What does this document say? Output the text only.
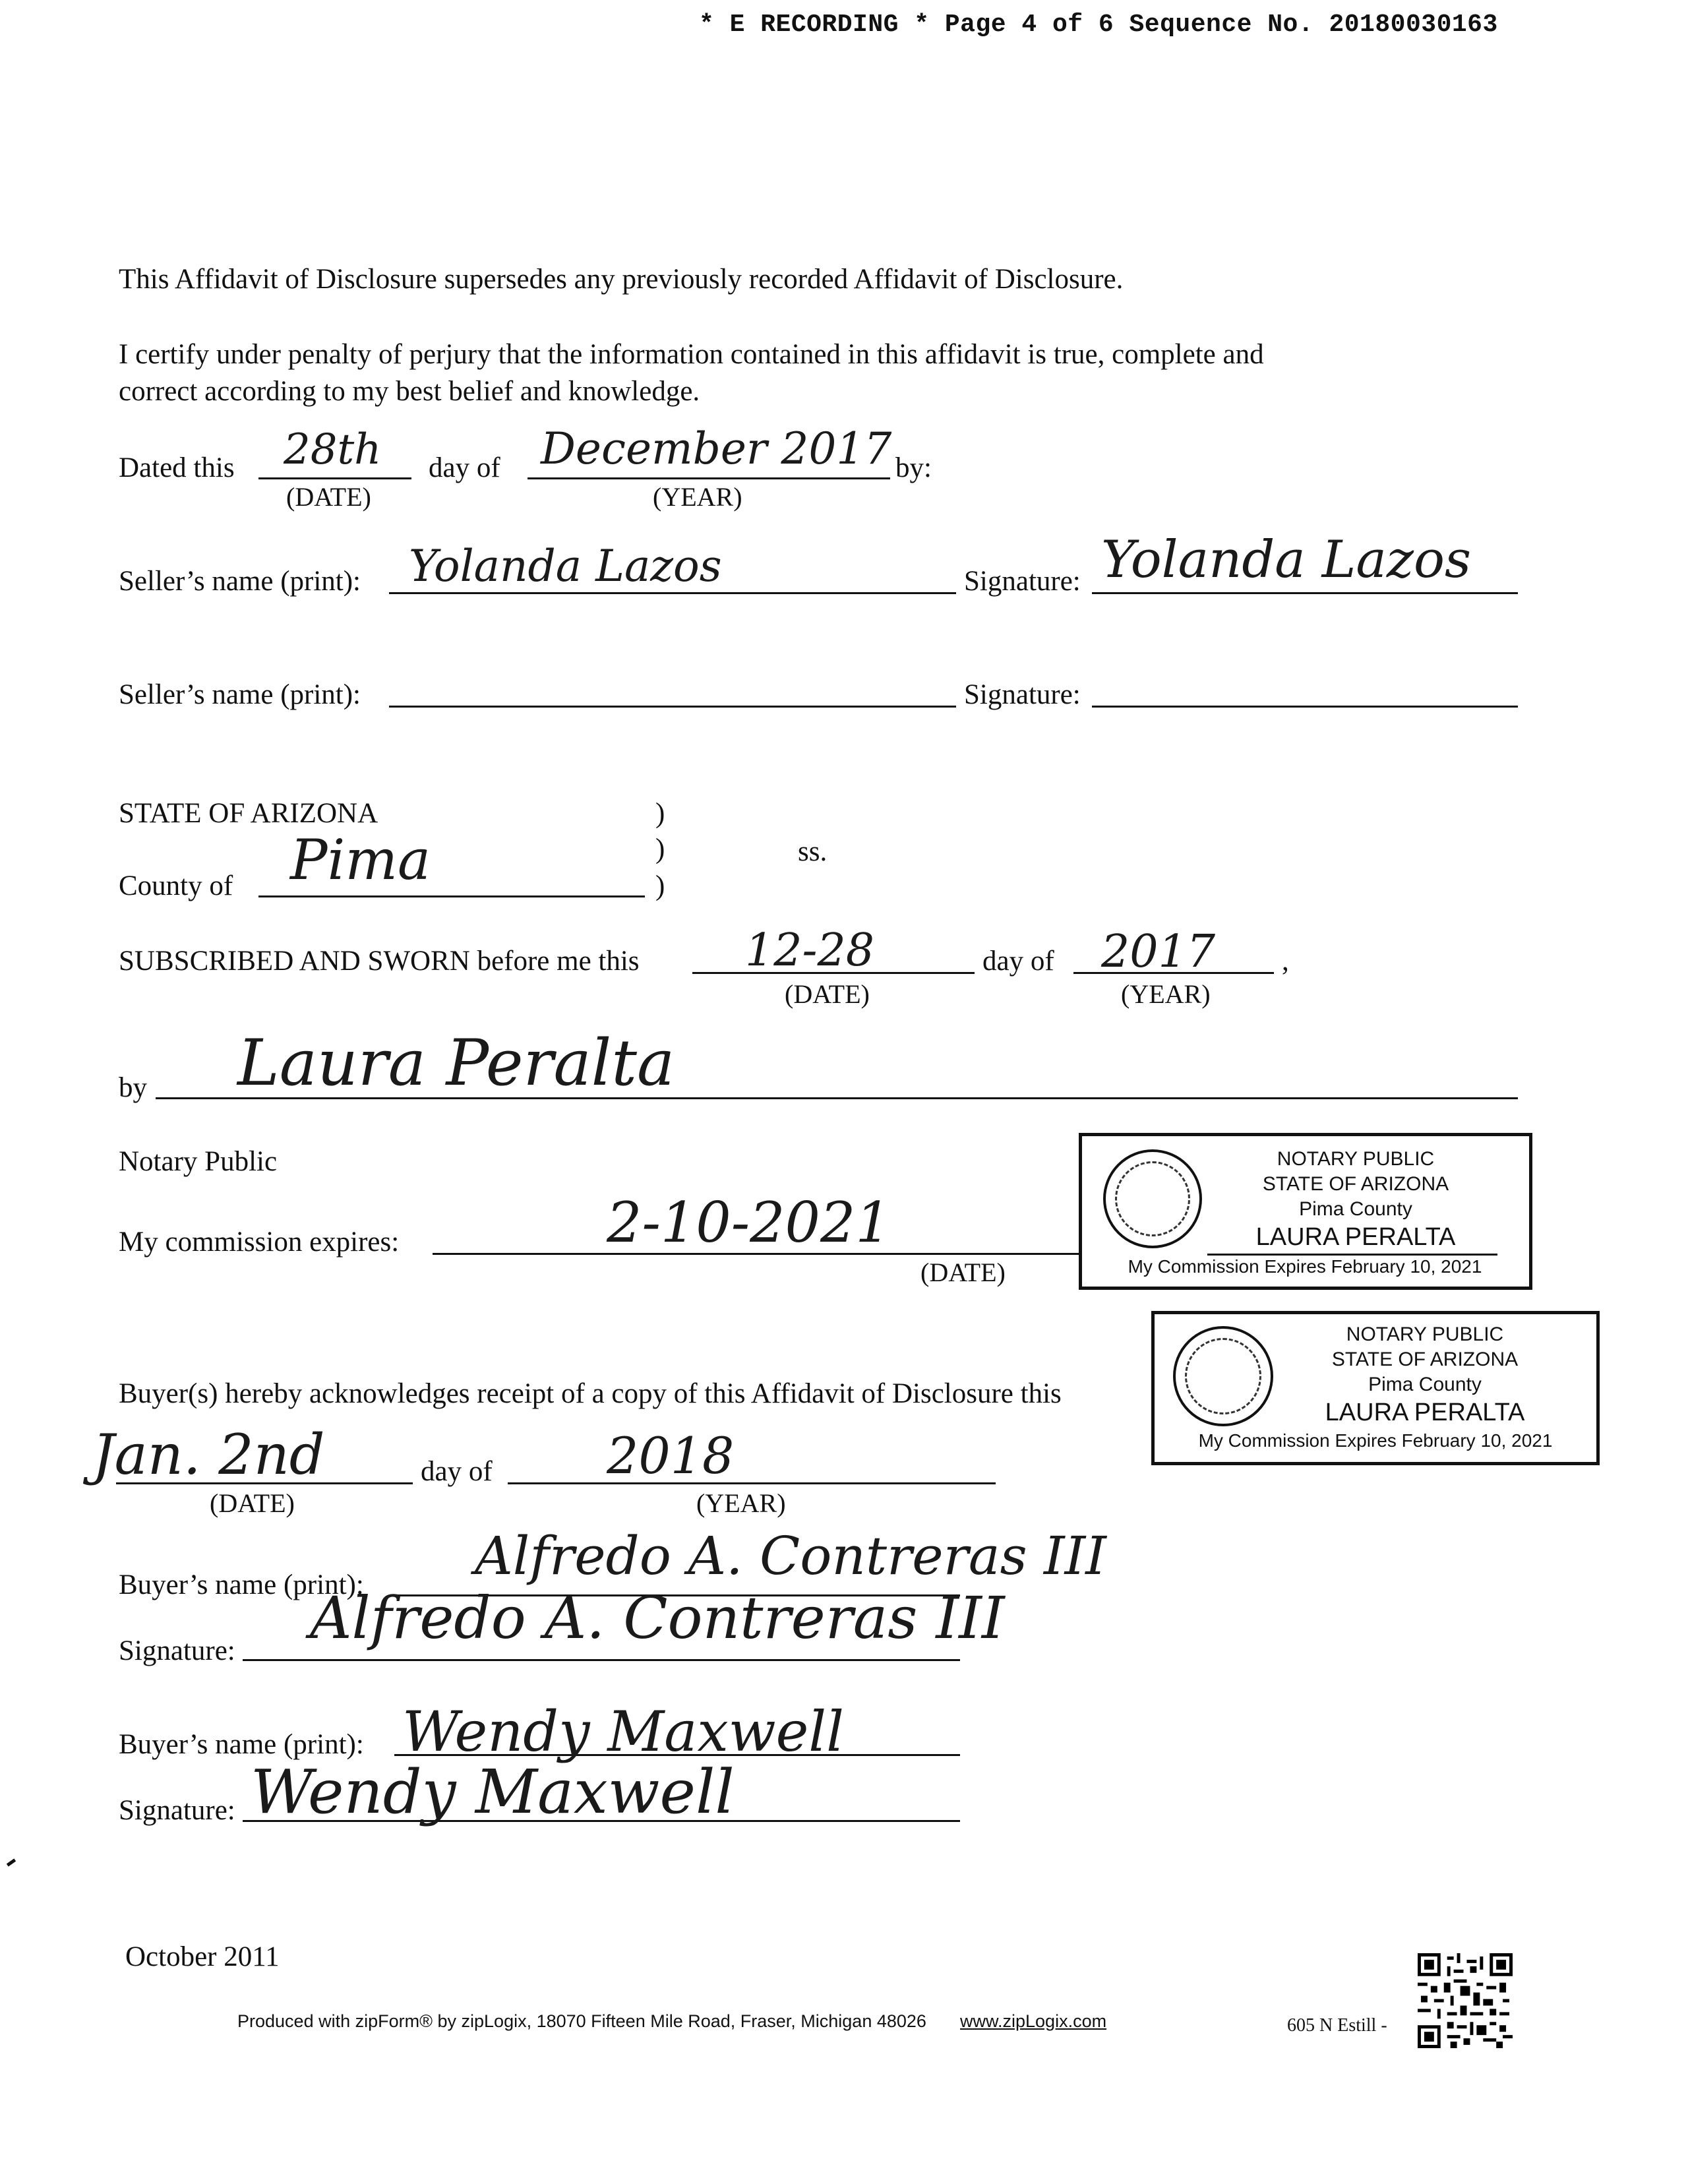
* E RECORDING * Page 4 of 6 Sequence No. 20180030163
This Affidavit of Disclosure supersedes any previously recorded Affidavit of Disclosure.
I certify under penalty of perjury that the information contained in this affidavit is true, complete and
correct according to my best belief and knowledge.
Dated this 28th day of December 2017 by:
(DATE)	(YEAR)
Seller’s name (print): Yolanda Lazos	Signature: Yolanda Lazos
Seller’s name (print):	Signature:
STATE OF ARIZONA	)
)
)
ss.
County of Pima
SUBSCRIBED AND SWORN before me this 12-28	day of 2017 ,
(DATE)	(YEAR)
by Laura Peralta
Notary Public
My commission expires:	2-10-2021
(DATE)
NOTARY PUBLIC
STATE OF ARIZONA
Pima County
LAURA PERALTA
My Commission Expires February 10, 2021
NOTARY PUBLIC
STATE OF ARIZONA
Pima County
LAURA PERALTA
My Commission Expires February 10, 2021
Buyer(s) hereby acknowledges receipt of a copy of this Affidavit of Disclosure this
Jan. 2nd	day of 2018
(DATE)	(YEAR)
Buyer’s name (print): Alfredo A. Contreras III
Signature: Alfredo A. Contreras III
Buyer’s name (print): Wendy Maxwell
Signature: Wendy Maxwell
October 2011
Produced with zipForm® by zipLogix, 18070 Fifteen Mile Road, Fraser, Michigan 48026 www.zipLogix.com	605 N Estill -
